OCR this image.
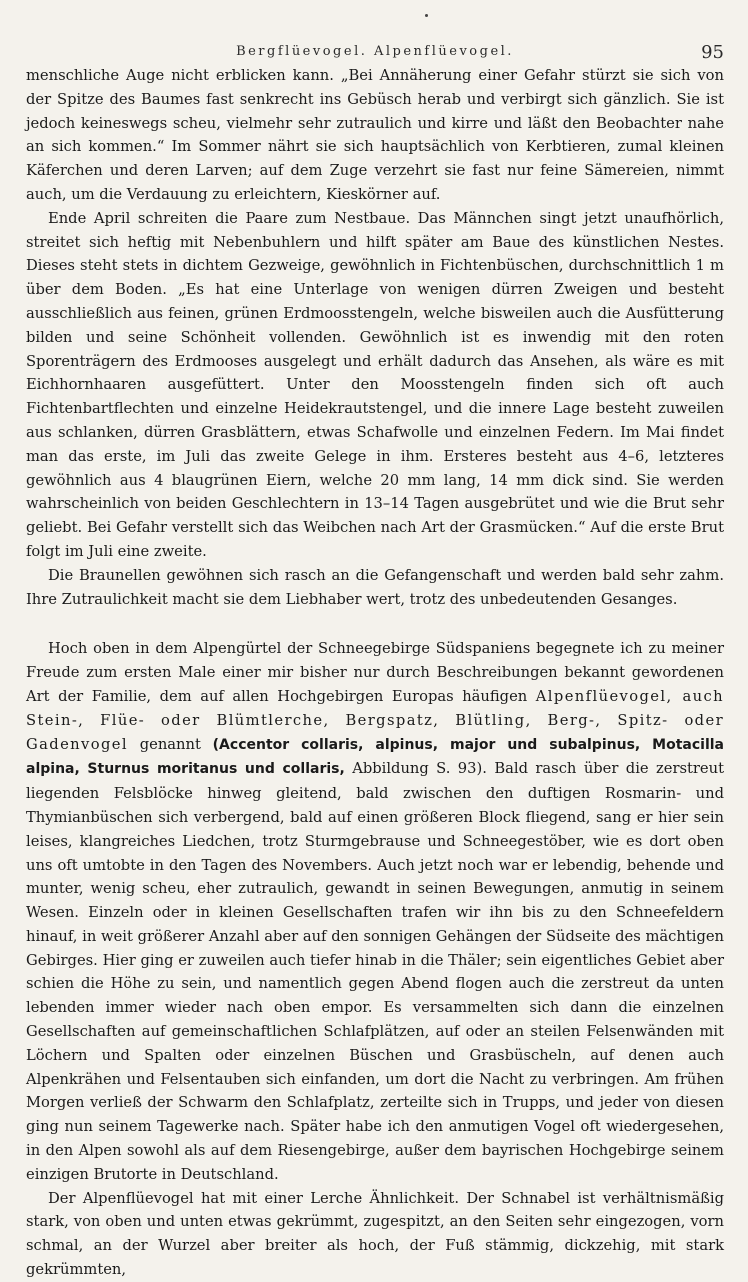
Bergflüevogel. Alpenflüevogel.	95

menschliche Auge nicht erblicken kann. „Bei Annäherung einer Gefahr stürzt sie sich von der Spitze des Baumes fast senkrecht ins Gebüsch herab und verbirgt sich gänzlich. Sie ist jedoch keineswegs scheu, vielmehr sehr zutraulich und kirre und läßt den Beobachter nahe an sich kommen.“ Im Sommer nährt sie sich hauptsächlich von Kerbtieren, zumal kleinen Käferchen und deren Larven; auf dem Zuge verzehrt sie fast nur feine Sämereien, nimmt auch, um die Verdauung zu erleichtern, Kieskörner auf.

Ende April schreiten die Paare zum Nestbaue. Das Männchen singt jetzt unaufhörlich, streitet sich heftig mit Nebenbuhlern und hilft später am Baue des künstlichen Nestes. Dieses steht stets in dichtem Gezweige, gewöhnlich in Fichtenbüschen, durchschnittlich 1 m über dem Boden. „Es hat eine Unterlage von wenigen dürren Zweigen und besteht ausschließlich aus feinen, grünen Erdmoosstengeln, welche bisweilen auch die Ausfütterung bilden und seine Schönheit vollenden. Gewöhnlich ist es inwendig mit den roten Sporenträgern des Erdmooses ausgelegt und erhält dadurch das Ansehen, als wäre es mit Eichhornhaaren ausgefüttert. Unter den Moosstengeln finden sich oft auch Fichtenbartflechten und einzelne Heidekrautstengel, und die innere Lage besteht zuweilen aus schlanken, dürren Grasblättern, etwas Schafwolle und einzelnen Federn. Im Mai findet man das erste, im Juli das zweite Gelege in ihm. Ersteres besteht aus 4–6, letzteres gewöhnlich aus 4 blaugrünen Eiern, welche 20 mm lang, 14 mm dick sind. Sie werden wahrscheinlich von beiden Geschlechtern in 13–14 Tagen ausgebrütet und wie die Brut sehr geliebt. Bei Gefahr verstellt sich das Weibchen nach Art der Grasmücken.“ Auf die erste Brut folgt im Juli eine zweite.

Die Braunellen gewöhnen sich rasch an die Gefangenschaft und werden bald sehr zahm. Ihre Zutraulichkeit macht sie dem Liebhaber wert, trotz des unbedeutenden Gesanges.

Hoch oben in dem Alpengürtel der Schneegebirge Südspaniens begegnete ich zu meiner Freude zum ersten Male einer mir bisher nur durch Beschreibungen bekannt gewordenen Art der Familie, dem auf allen Hochgebirgen Europas häufigen Alpenflüevogel, auch Stein-, Flüe- oder Blümtlerche, Bergspatz, Blütling, Berg-, Spitz- oder Gadenvogel genannt (Accentor collaris, alpinus, major und subalpinus, Motacilla alpina, Sturnus moritanus und collaris, Abbildung S. 93). Bald rasch über die zerstreut liegenden Felsblöcke hinweg gleitend, bald zwischen den duftigen Rosmarin- und Thymianbüschen sich verbergend, bald auf einen größeren Block fliegend, sang er hier sein leises, klangreiches Liedchen, trotz Sturmgebrause und Schneegestöber, wie es dort oben uns oft umtobte in den Tagen des Novembers. Auch jetzt noch war er lebendig, behende und munter, wenig scheu, eher zutraulich, gewandt in seinen Bewegungen, anmutig in seinem Wesen. Einzeln oder in kleinen Gesellschaften trafen wir ihn bis zu den Schneefeldern hinauf, in weit größerer Anzahl aber auf den sonnigen Gehängen der Südseite des mächtigen Gebirges. Hier ging er zuweilen auch tiefer hinab in die Thäler; sein eigentliches Gebiet aber schien die Höhe zu sein, und namentlich gegen Abend flogen auch die zerstreut da unten lebenden immer wieder nach oben empor. Es versammelten sich dann die einzelnen Gesellschaften auf gemeinschaftlichen Schlafplätzen, auf oder an steilen Felsenwänden mit Löchern und Spalten oder einzelnen Büschen und Grasbüscheln, auf denen auch Alpenkrähen und Felsentauben sich einfanden, um dort die Nacht zu verbringen. Am frühen Morgen verließ der Schwarm den Schlafplatz, zerteilte sich in Trupps, und jeder von diesen ging nun seinem Tagewerke nach. Später habe ich den anmutigen Vogel oft wiedergesehen, in den Alpen sowohl als auf dem Riesengebirge, außer dem bayrischen Hochgebirge seinem einzigen Brutorte in Deutschland.

Der Alpenflüevogel hat mit einer Lerche Ähnlichkeit. Der Schnabel ist verhältnismäßig stark, von oben und unten etwas gekrümmt, zugespitzt, an den Seiten sehr eingezogen, vorn schmal, an der Wurzel aber breiter als hoch, der Fuß stämmig, dickzehig, mit stark gekrümmten,
